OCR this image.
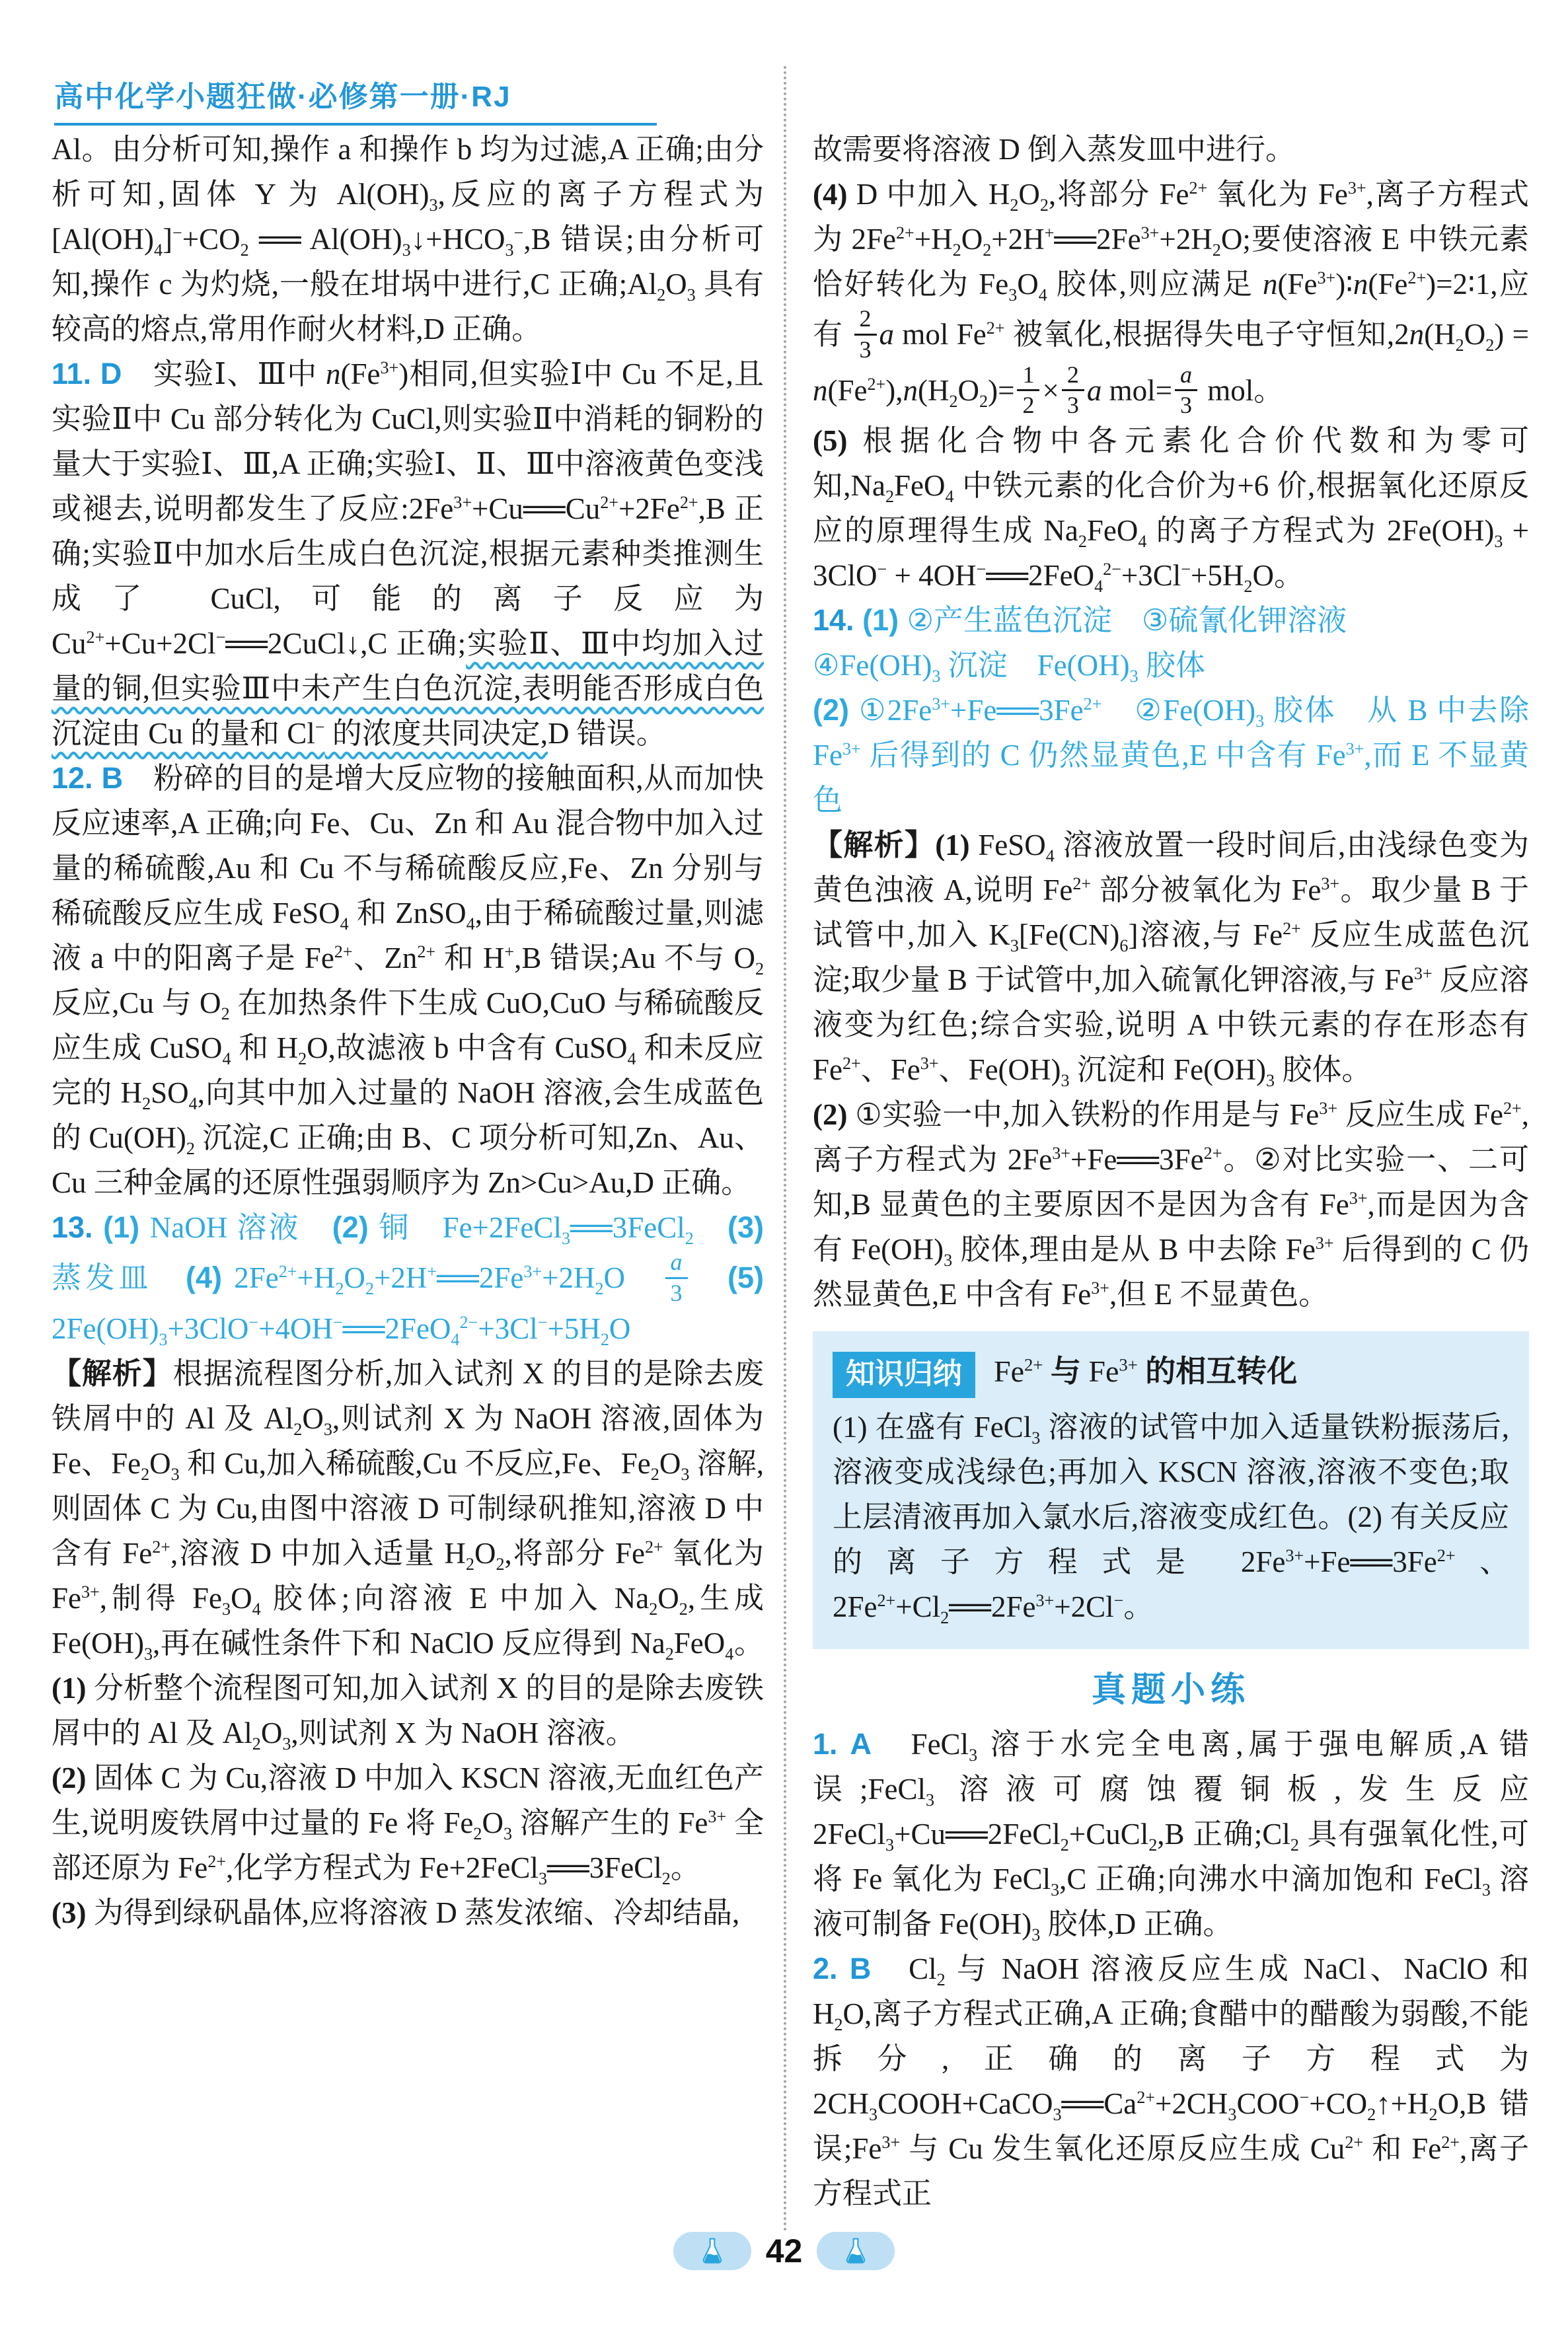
高中化学小题狂做·必修第一册·RJ
Al。由分析可知,操作 a 和操作 b 均为过滤,A 正确;由分析可知,固体 Y 为 $Al(OH)_3$,反应的离子方程式为$[Al(OH)_4]^-+CO_2$ ══ $Al(OH)_3↓+HCO_3^-,B$ 错误;由分析可知,操作 c 为灼烧,一般在坩埚中进行,C 正确$;Al_2O_3$ 具有较高的熔点,常用作耐火材料,D 正确。
11. D　实验Ⅰ、Ⅲ中 $n(Fe^{3+})$相同,但实验Ⅰ中 Cu 不足,且实验Ⅱ中 Cu 部分转化为 CuCl,则实验Ⅱ中消耗的铜粉的量大于实验Ⅰ、Ⅲ,A 正确;实验Ⅰ、Ⅱ、Ⅲ中溶液黄色变浅或褪去,说明都发生了反应$:2Fe^{3+}+Cu══Cu^{2+}+2Fe^{2+},B$ 正确;实验Ⅱ中加水后生成白色沉淀,根据元素种类推测生成了 CuCl,可能的离子反应为 $Cu^{2+}+Cu+2Cl^-══2CuCl↓,C$ 正确;实验Ⅱ、Ⅲ中均加入过量的铜,但实验Ⅲ中未产生白色沉淀,表明能否形成白色沉淀由 Cu 的量和 Cl− 的浓度共同决定,D 错误。
12. B　粉碎的目的是增大反应物的接触面积,从而加快反应速率,A 正确;向 Fe、Cu、Zn 和 Au 混合物中加入过量的稀硫酸,Au 和 Cu 不与稀硫酸反应,Fe、Zn 分别与稀硫酸反应生成 FeSO$_4$ 和 ZnSO$_4$,由于稀硫酸过量,则滤液 a 中的阳离子是 $Fe^{2+}$、$Zn^{2+}$ 和 H+,B 错误;Au 不与 $O_2$ 反应,Cu 与 $O_2$ 在加热条件下生成 CuO,CuO 与稀硫酸反应生成 CuSO$_4$ 和 $H_2O$,故滤液 b 中含有 CuSO$_4$ 和未反应完的 $H_2SO_4$,向其中加入过量的 NaOH 溶液,会生成蓝色的 $Cu(OH)_2$ 沉淀,C 正确;由 B、C 项分析可知,Zn、Au、Cu 三种金属的还原性强弱顺序为 Zn>Cu>Au,D 正确。
13. (1) NaOH 溶液　(2) 铜　Fe+2FeCl$_3$══3FeCl$_2$　 (3) 蒸发皿　(4) $2Fe^{2+}+H_2O_2+2H^+══2Fe^{3+}+2H_2O$　 $\frac{a}{3}$ 　(5) $2Fe(OH)_3+3ClO^-+4OH^-══2FeO_4^{2-}+3Cl^-+5H_2O$
【解析】根据流程图分析,加入试剂 X 的目的是除去废铁屑中的 Al 及 $Al_2O_3$,则试剂 X 为 NaOH 溶液,固体为 Fe、$Fe_2O_3$ 和 Cu,加入稀硫酸,Cu 不反应,Fe、$Fe_2O_3$ 溶解,则固体 C 为 Cu,由图中溶液 D 可制绿矾推知,溶液 D 中含有 $Fe^{2+}$,溶液 D 中加入适量 $H_2O_2$,将部分 $Fe^{2+}$ 氧化为 $Fe^{3+}$,制得 $Fe_3O_4$ 胶体;向溶液 E 中加入 $Na_2O_2$,生成 $Fe(OH)_3$,再在碱性条件下和 NaClO 反应得到 $Na_2FeO_4$。(1) 分析整个流程图可知,加入试剂 X 的目的是除去废铁屑中的 Al 及 $Al_2O_3$,则试剂 X 为 NaOH 溶液。
(2) 固体 C 为 Cu,溶液 D 中加入 KSCN 溶液,无血红色产生,说明废铁屑中过量的 Fe 将 $Fe_2O_3$ 溶解产生的 $Fe^{3+}$ 全部还原为 $Fe^{2+}$,化学方程式为 Fe+2FeCl$_3$══3FeCl$_2$。
(3) 为得到绿矾晶体,应将溶液 D 蒸发浓缩、冷却结晶,
故需要将溶液 D 倒入蒸发皿中进行。
(4) D 中加入 $H_2O_2$,将部分 $Fe^{2+}$ 氧化为 $Fe^{3+}$,离子方程式为 $2Fe^{2+}+H_2O_2+2H^+══2Fe^{3+}+2H_2O$;要使溶液 E 中铁元素恰好转化为 $Fe_3O_4$ 胶体,则应满足 $n(Fe^{3+})∶n(Fe^{2+})=2∶1$,应有 $\frac{2}{3}$ a mol $Fe^{2+}$ 被氧化,根据得失电子守恒知$,2n(H_2O_2) = n(Fe^{2+}),n(H_2O_2)= \frac{1}{2} \times \frac{2}{3}$ a $mol= \frac{a}{3}$ mol。
(5) 根据化合物中各元素化合价代数和为零可知$,Na_2FeO_4$ 中铁元素的化合价为+6 价,根据氧化还原反应的原理得生成 $Na_2FeO_4$ 的离子方程式为 $2Fe(OH)_3 + 3ClO^-$ + $4OH^-══2FeO_4^{2-}+3Cl^-+5H_2O$。
14. (1) ②产生蓝色沉淀　③硫氰化钾溶液
$④Fe(OH)_3$ 沉淀　$Fe(OH)_3$ 胶体
(2) $①2Fe^{3+}+Fe══3Fe^{2+}$　$②Fe(OH)_3$ 胶体　从 B 中去除 $Fe^{3+}$ 后得到的 C 仍然显黄色,E 中含有 $Fe^{3+}$,而 E 不显黄色
【解析】(1) FeSO$_4$ 溶液放置一段时间后,由浅绿色变为黄色浊液 A,说明 $Fe^{2+}$ 部分被氧化为 $Fe^{3+}$。取少量 B 于试管中,加入 $K_3[Fe(CN)_6]$溶液,与 $Fe^{2+}$ 反应生成蓝色沉淀;取少量 B 于试管中,加入硫氰化钾溶液,与 $Fe^{3+}$ 反应溶液变为红色;综合实验,说明 A 中铁元素的存在形态有 $Fe^{2+}$、$Fe^{3+}$、$Fe(OH)_3$ 沉淀和 $Fe(OH)_3$ 胶体。
(2) ①实验一中,加入铁粉的作用是与 $Fe^{3+}$ 反应生成 $Fe^{2+}$,离子方程式为 $2Fe^{3+}+Fe══3Fe^{2+}$。②对比实验一、二可知,B 显黄色的主要原因不是因为含有 $Fe^{3+}$,而是因为含有 $Fe(OH)_3$ 胶体,理由是从 B 中去除 $Fe^{3+}$ 后得到的 C 仍然显黄色,E 中含有 $Fe^{3+}$,但 E 不显黄色。
知识归纳 $Fe^{2+}$ 与 $Fe^{3+}$ 的相互转化
(1) 在盛有 FeCl$_3$ 溶液的试管中加入适量铁粉振荡后,溶液变成浅绿色;再加入 KSCN 溶液,溶液不变色;取上层清液再加入氯水后,溶液变成红色。(2) 有关反应的离子方程式是 $2Fe^{3+}+Fe══3Fe^{2+}$、$2Fe^{2+}+Cl_2══2Fe^{3+}+2Cl^-$。
真题小练
1. A　FeCl$_3$ 溶于水完全电离,属于强电解质,A 错误;FeCl$_3$ 溶液可腐蚀覆铜板,发生反应 2FeCl$_3$+Cu══2FeCl$_2$+CuCl$_2$,B 正确$;Cl_2$ 具有强氧化性,可将 Fe 氧化为 FeCl$_3$,C 正确;向沸水中滴加饱和 FeCl$_3$ 溶液可制备 $Fe(OH)_3$ 胶体,D 正确。
2. B　$Cl_2$ 与 NaOH 溶液反应生成 NaCl、NaClO 和 $H_2O$,离子方程式正确,A 正确;食醋中的醋酸为弱酸,不能拆分,正确的离子方程式为 $2CH_3COOH+CaCO_3══Ca^{2+}+2CH_3COO^-+CO_2↑+H_2O,B$ 错误$;Fe^{3+}$ 与 Cu 发生氧化还原反应生成 $Cu^{2+}$ 和 $Fe^{2+}$,离子方程式正
42
